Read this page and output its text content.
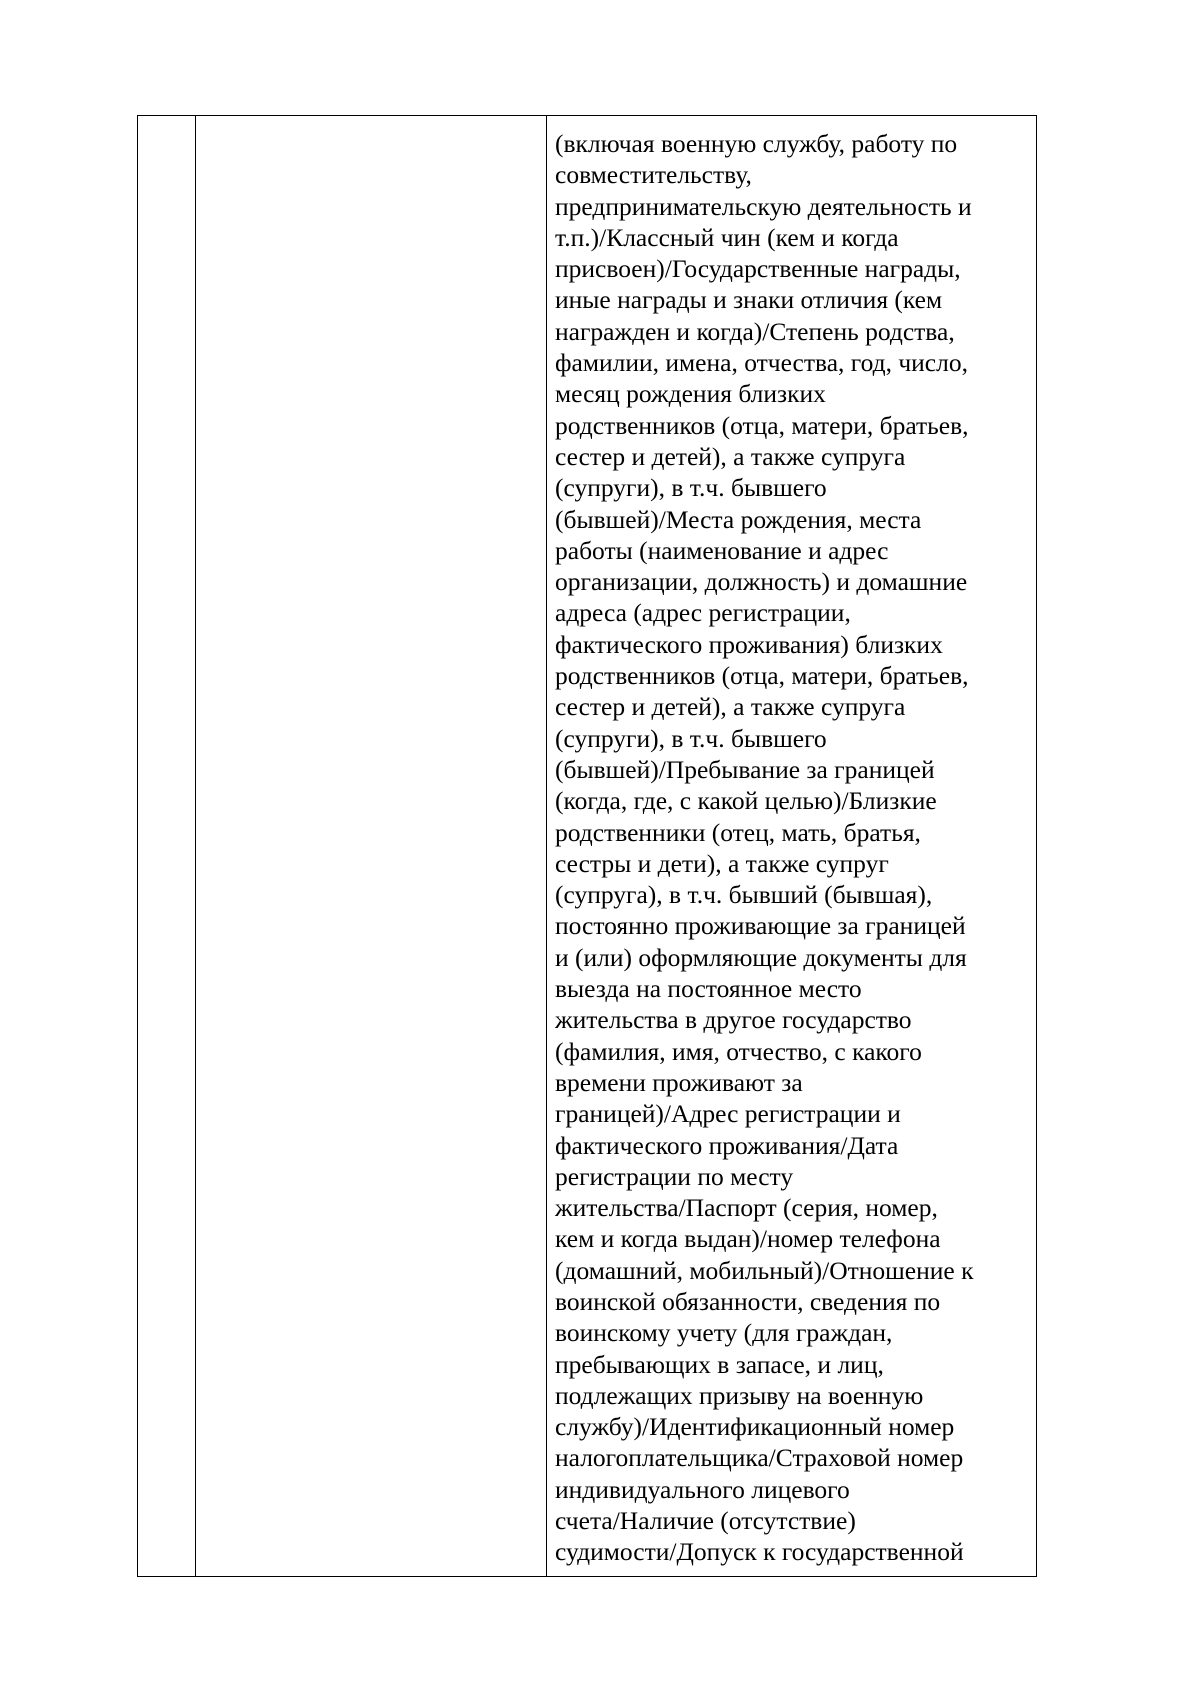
(включая военную службу, работу по
совместительству,
предпринимательскую деятельность и
т.п.)/Классный чин (кем и когда
присвоен)/Государственные награды,
иные награды и знаки отличия (кем
награжден и когда)/Степень родства,
фамилии, имена, отчества, год, число,
месяц рождения близких
родственников (отца, матери, братьев,
сестер и детей), а также супруга
(супруги), в т.ч. бывшего
(бывшей)/Места рождения, места
работы (наименование и адрес
организации, должность) и домашние
адреса (адрес регистрации,
фактического проживания) близких
родственников (отца, матери, братьев,
сестер и детей), а также супруга
(супруги), в т.ч. бывшего
(бывшей)/Пребывание за границей
(когда, где, с какой целью)/Близкие
родственники (отец, мать, братья,
сестры и дети), а также супруг
(супруга), в т.ч. бывший (бывшая),
постоянно проживающие за границей
и (или) оформляющие документы для
выезда на постоянное место
жительства в другое государство
(фамилия, имя, отчество, с какого
времени проживают за
границей)/Адрес регистрации и
фактического проживания/Дата
регистрации по месту
жительства/Паспорт (серия, номер,
кем и когда выдан)/номер телефона
(домашний, мобильный)/Отношение к
воинской обязанности, сведения по
воинскому учету (для граждан,
пребывающих в запасе, и лиц,
подлежащих призыву на военную
службу)/Идентификационный номер
налогоплательщика/Страховой номер
индивидуального лицевого
счета/Наличие (отсутствие)
судимости/Допуск к государственной
